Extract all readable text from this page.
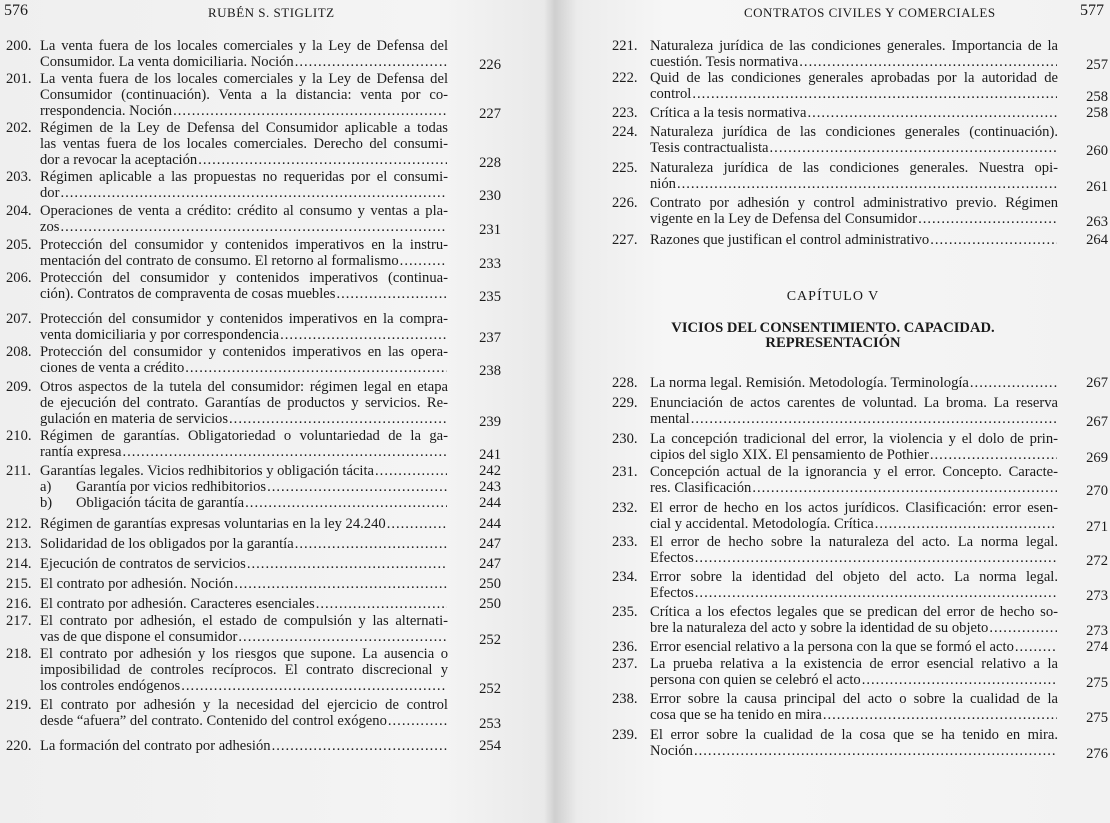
576	RUBÉN S. STIGLITZ
200. La venta fuera de los locales comerciales y la Ley de Defensa del
Consumidor. La venta domiciliaria. Noción .....	226
201. La venta fuera de los locales comerciales y la Ley de Defensa del
Consumidor (continuación). Venta a la distancia: venta por co-
rrespondencia. Noción .....	227
202. Régimen de la Ley de Defensa del Consumidor aplicable a todas
las ventas fuera de los locales comerciales. Derecho del consumi-
dor a revocar la aceptación .....	228
203. Régimen aplicable a las propuestas no requeridas por el consumi-
dor .....	230
204. Operaciones de venta a crédito: crédito al consumo y ventas a pla-
zos .....	231
205. Protección del consumidor y contenidos imperativos en la instru-
mentación del contrato de consumo. El retorno al formalismo .....	233
206. Protección del consumidor y contenidos imperativos (continua-
ción). Contratos de compraventa de cosas muebles .....	235
207. Protección del consumidor y contenidos imperativos en la compra-
venta domiciliaria y por correspondencia .....	237
208. Protección del consumidor y contenidos imperativos en las opera-
ciones de venta a crédito .....	238
209. Otros aspectos de la tutela del consumidor: régimen legal en etapa
de ejecución del contrato. Garantías de productos y servicios. Re-
gulación en materia de servicios .....	239
210. Régimen de garantías. Obligatoriedad o voluntariedad de la ga-
rantía expresa .....	241
211. Garantías legales. Vicios redhibitorios y obligación tácita .....	242
a) Garantía por vicios redhibitorios .....	243
b) Obligación tácita de garantía .....	244
212. Régimen de garantías expresas voluntarias en la ley 24.240 .....	244
213. Solidaridad de los obligados por la garantía .....	247
214. Ejecución de contratos de servicios .....	247
215. El contrato por adhesión. Noción .....	250
216. El contrato por adhesión. Caracteres esenciales .....	250
217. El contrato por adhesión, el estado de compulsión y las alternati-
vas de que dispone el consumidor .....	252
218. El contrato por adhesión y los riesgos que supone. La ausencia o
imposibilidad de controles recíprocos. El contrato discrecional y
los controles endógenos .....	252
219. El contrato por adhesión y la necesidad del ejercicio de control
desde “afuera” del contrato. Contenido del control exógeno .....	253
220. La formación del contrato por adhesión .....	254
CONTRATOS CIVILES Y COMERCIALES	577
221. Naturaleza jurídica de las condiciones generales. Importancia de la
cuestión. Tesis normativa .....	257
222. Quid de las condiciones generales aprobadas por la autoridad de
control .....	258
223. Crítica a la tesis normativa .....	258
224. Naturaleza jurídica de las condiciones generales (continuación).
Tesis contractualista .....	260
225. Naturaleza jurídica de las condiciones generales. Nuestra opi-
nión .....	261
226. Contrato por adhesión y control administrativo previo. Régimen
vigente en la Ley de Defensa del Consumidor .....	263
227. Razones que justifican el control administrativo .....	264
CAPÍTULO V
VICIOS DEL CONSENTIMIENTO. CAPACIDAD.
REPRESENTACIÓN
228. La norma legal. Remisión. Metodología. Terminología .....	267
229. Enunciación de actos carentes de voluntad. La broma. La reserva
mental .....	267
230. La concepción tradicional del error, la violencia y el dolo de prin-
cipios del siglo XIX. El pensamiento de Pothier .....	269
231. Concepción actual de la ignorancia y el error. Concepto. Caracte-
res. Clasificación .....	270
232. El error de hecho en los actos jurídicos. Clasificación: error esen-
cial y accidental. Metodología. Crítica .....	271
233. El error de hecho sobre la naturaleza del acto. La norma legal.
Efectos .....	272
234. Error sobre la identidad del objeto del acto. La norma legal.
Efectos .....	273
235. Crítica a los efectos legales que se predican del error de hecho so-
bre la naturaleza del acto y sobre la identidad de su objeto .....	273
236. Error esencial relativo a la persona con la que se formó el acto .....	274
237. La prueba relativa a la existencia de error esencial relativo a la
persona con quien se celebró el acto .....	275
238. Error sobre la causa principal del acto o sobre la cualidad de la
cosa que se ha tenido en mira .....	275
239. El error sobre la cualidad de la cosa que se ha tenido en mira.
Noción .....	276
